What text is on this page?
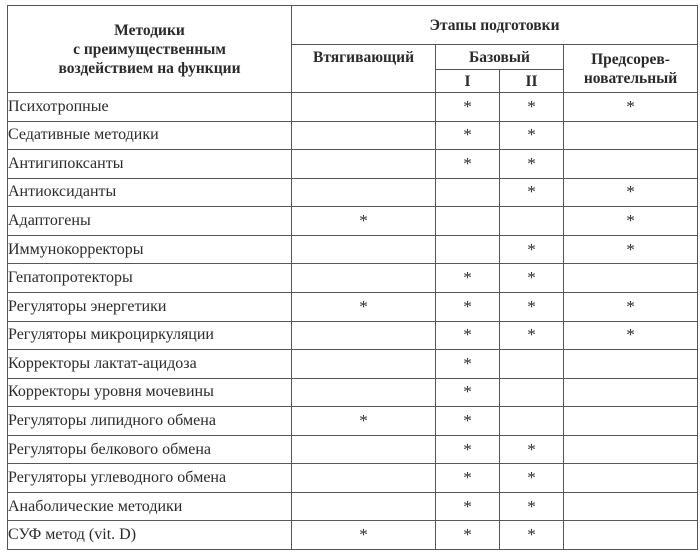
Методики
с преимущественным
воздействием на функции	Этапы подготовки			
	Втягивающий	Базовый		Предсорев-
новательный

		I	II	
Психотропные		*	*	*
Седативные методики		*	*	
Антигипоксанты		*	*	
Антиоксиданты			*	*
Адаптогены	*			*
Иммунокорректоры			*	*
Гепатопротекторы		*	*	
Регуляторы энергетики	*	*	*	*
Регуляторы микроциркуляции		*	*	*
Корректоры лактат-ацидоза		*		
Корректоры уровня мочевины		*		
Регуляторы липидного обмена	*	*		
Регуляторы белкового обмена		*	*	
Регуляторы углеводного обмена		*	*	
Анаболические методики		*	*	
СУФ метод (vit. D)	*	*	*	
